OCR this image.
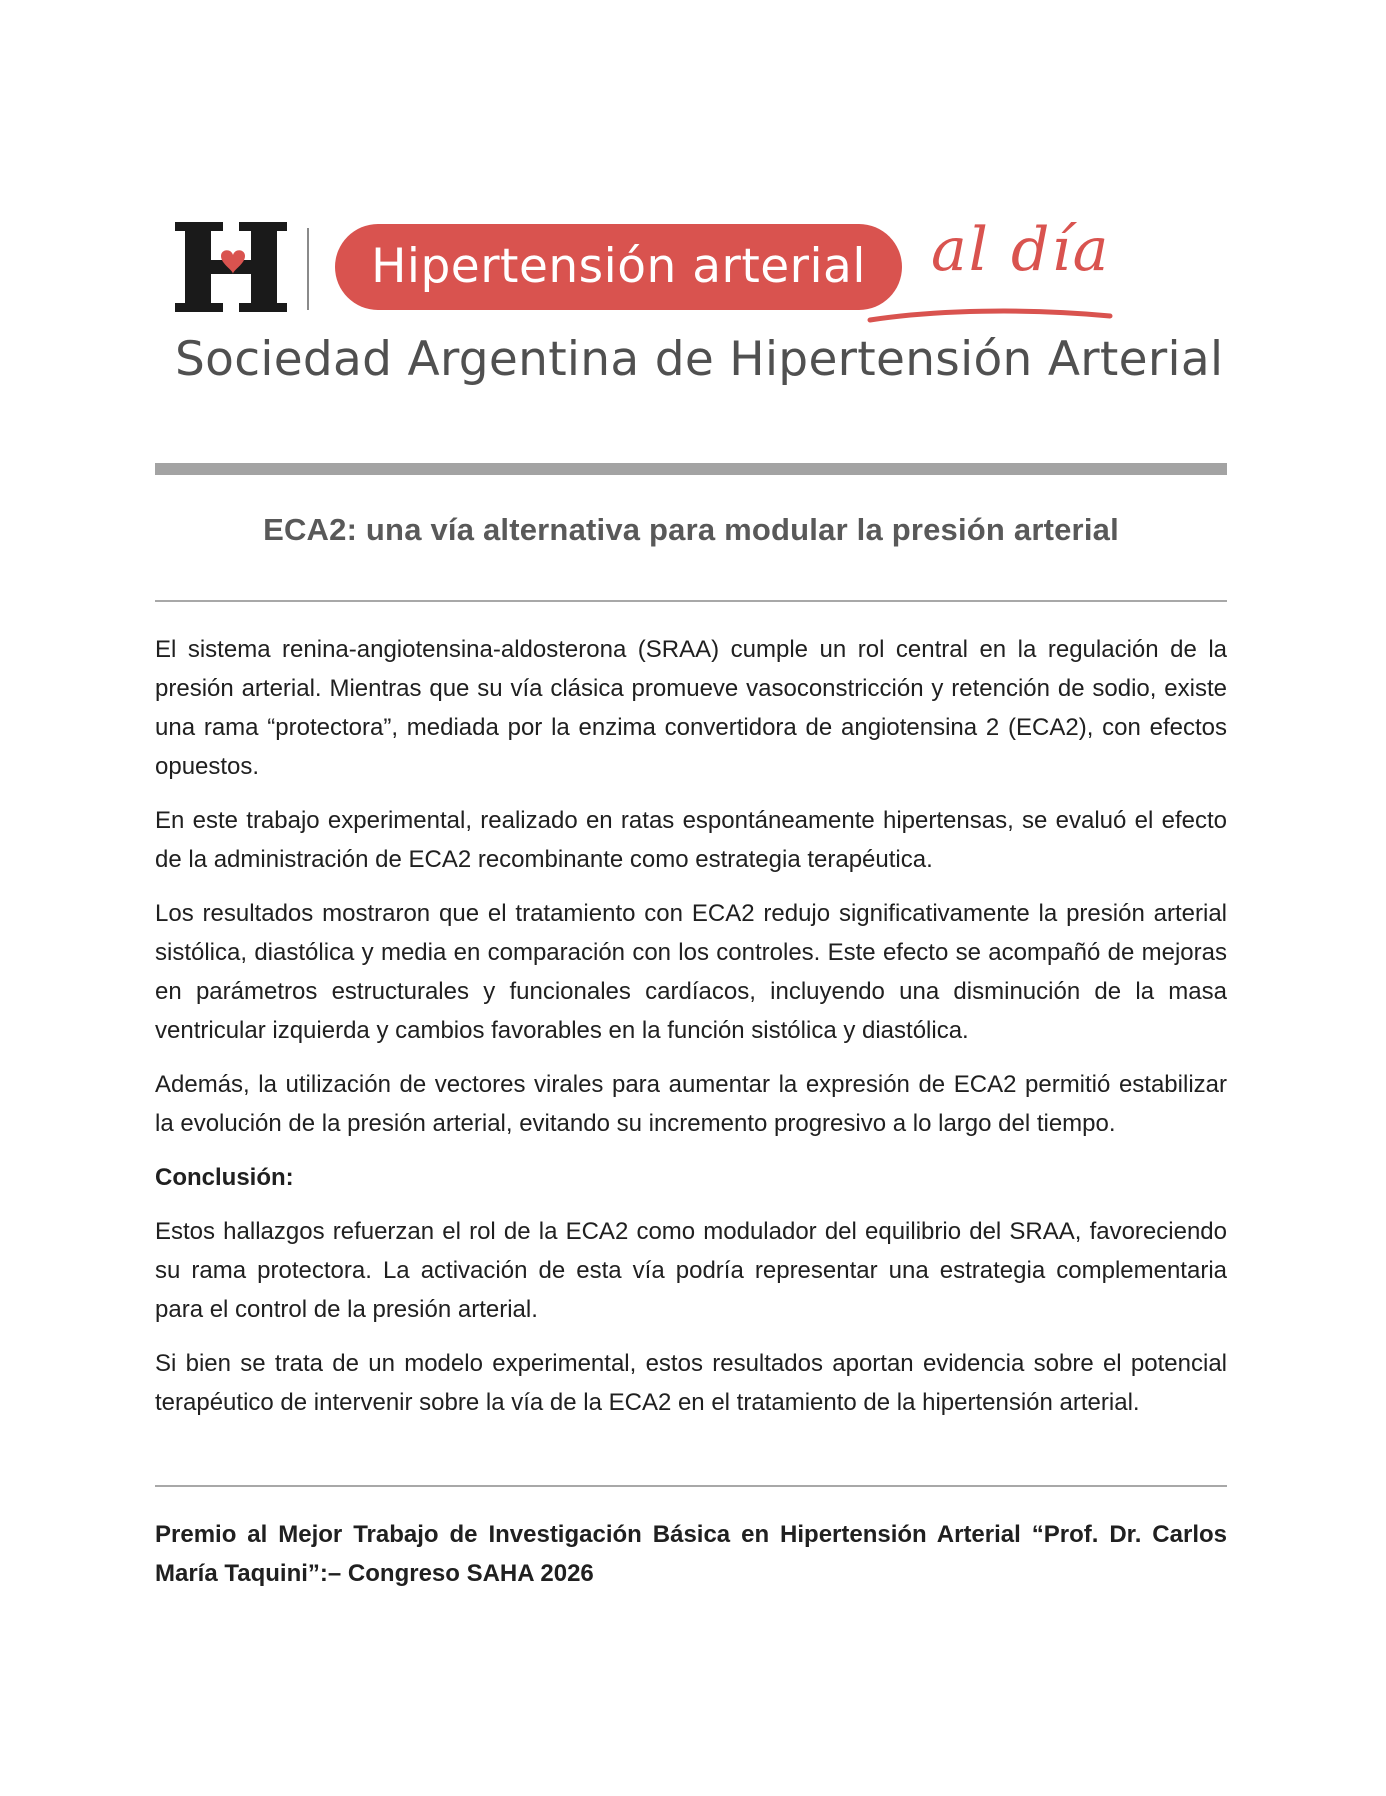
Hipertensión arterial	al día
Sociedad Argentina de Hipertensión Arterial
ECA2: una vía alternativa para modular la presión arterial

El sistema renina-angiotensina-aldosterona (SRAA) cumple un rol central en la regulación de la presión arterial. Mientras que su vía clásica promueve vasoconstricción y retención de sodio, existe una rama “protectora”, mediada por la enzima convertidora de angiotensina 2 (ECA2), con efectos opuestos.

En este trabajo experimental, realizado en ratas espontáneamente hipertensas, se evaluó el efecto de la administración de ECA2 recombinante como estrategia terapéutica.

Los resultados mostraron que el tratamiento con ECA2 redujo significativamente la presión arterial sistólica, diastólica y media en comparación con los controles. Este efecto se acompañó de mejoras en parámetros estructurales y funcionales cardíacos, incluyendo una disminución de la masa ventricular izquierda y cambios favorables en la función sistólica y diastólica.

Además, la utilización de vectores virales para aumentar la expresión de ECA2 permitió estabilizar la evolución de la presión arterial, evitando su incremento progresivo a lo largo del tiempo.

Conclusión:

Estos hallazgos refuerzan el rol de la ECA2 como modulador del equilibrio del SRAA, favoreciendo su rama protectora. La activación de esta vía podría representar una estrategia complementaria para el control de la presión arterial.

Si bien se trata de un modelo experimental, estos resultados aportan evidencia sobre el potencial terapéutico de intervenir sobre la vía de la ECA2 en el tratamiento de la hipertensión arterial.

Premio al Mejor Trabajo de Investigación Básica en Hipertensión Arterial “Prof. Dr. Carlos María Taquini”:– Congreso SAHA 2026
